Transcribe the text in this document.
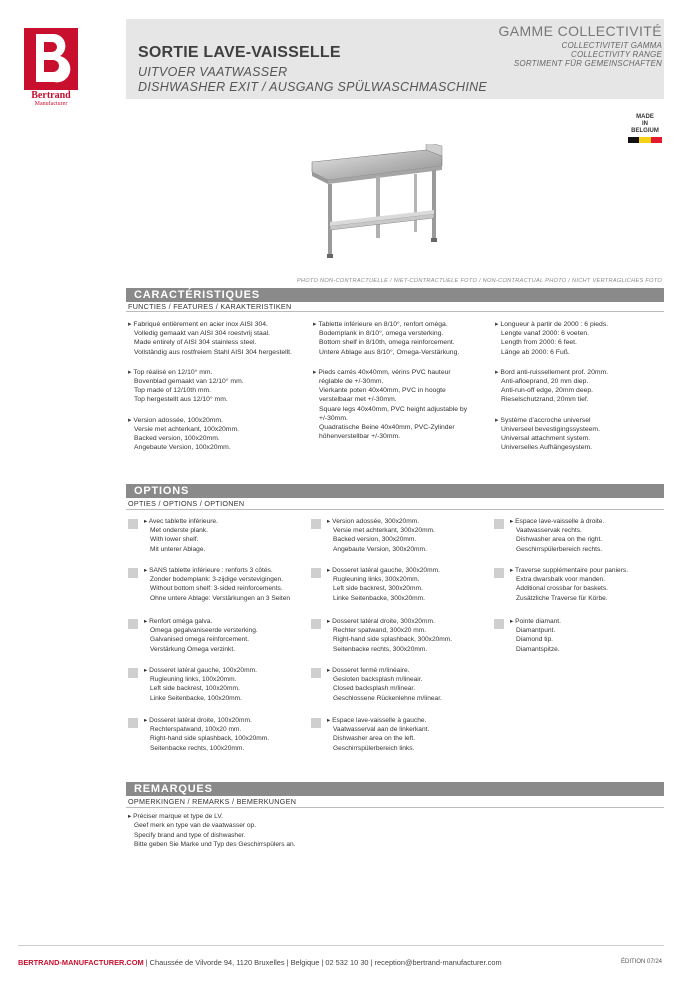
Bertrand
Manufacturer
SORTIE LAVE-VAISSELLE
UITVOER VAATWASSER
DISHWASHER EXIT / AUSGANG SPÜLWASCHMASCHINE
GAMME COLLECTIVITÉ
COLLECTIVITEIT GAMMA
COLLECTIVITY RANGE
SORTIMENT FÜR GEMEINSCHAFTEN
MADE
IN
BELGIUM
PHOTO NON-CONTRACTUELLE / NIET-CONTRACTUELE FOTO / NON-CONTRACTUAL PHOTO / NICHT VERTRAGLICHES FOTO
CARACTÉRISTIQUES
FUNCTIES / FEATURES / KARAKTERISTIKEN
▸ Fabriqué entièrement en acier inox AISI 304.
Volledig gemaakt van AISI 304 roestvrij staal.
Made entirely of AISI 304 stainless steel.
Vollständig aus rostfreiem Stahl AISI 304 hergestellt.
▸ Top réalisé en 12/10° mm.
Bovenblad gemaakt van 12/10° mm.
Top made of 12/10th mm.
Top hergestellt aus 12/10° mm.
▸ Version adossée, 100x20mm.
Versie met achterkant, 100x20mm.
Backed version, 100x20mm.
Angebaute Version, 100x20mm.
▸ Tablette inférieure en 8/10°, renfort oméga.
Bodemplank in 8/10°, omega versterking.
Bottom shelf in 8/10th, omega reinforcement.
Untere Ablage aus 8/10°, Omega-Verstärkung.
▸ Pieds carrés 40x40mm, vérins PVC hauteur
réglable de +/-30mm.
Vierkante poten 40x40mm, PVC in hoogte
verstelbaar met +/-30mm.
Square legs 40x40mm, PVC height adjustable by
+/-30mm.
Quadratische Beine 40x40mm, PVC-Zylinder
höhenverstellbar +/-30mm.
▸ Longueur à partir de 2000 : 6 pieds.
Lengte vanaf 2000: 6 voeten.
Length from 2000: 6 feet.
Länge ab 2000: 6 Fuß.
▸ Bord anti-ruissellement prof. 20mm.
Anti-afloeprand, 20 mm diep.
Anti-run-off edge, 20mm deep.
Rieselschutzrand, 20mm tief.
▸ Système d'accroche universel
Universeel bevestigingssysteem.
Universal attachment system.
Universelles Aufhängesystem.
OPTIONS
OPTIES / OPTIONS / OPTIONEN
▸ Avec tablette inférieure.
Met onderste plank.
With lower shelf.
Mit unterer Ablage.
▸ SANS tablette inférieure : renforts 3 côtés.
Zonder bodemplank: 3-zijdige verstevigingen.
Without bottom shelf: 3-sided reinforcements.
Ohne untere Ablage: Verstärkungen an 3 Seiten
▸ Renfort oméga galva.
Omega gegalvaniseerde versterking.
Galvanised omega reinforcement.
Verstärkung Omega verzinkt.
▸ Dosseret latéral gauche, 100x20mm.
Rugleuning links, 100x20mm.
Left side backrest, 100x20mm.
Linke Seitenbacke, 100x20mm.
▸ Dosseret latéral droite, 100x20mm.
Rechterspatwand, 100x20 mm.
Right-hand side splashback, 100x20mm.
Seitenbacke rechts, 100x20mm.
▸ Version adossée, 300x20mm.
Versie met achterkant, 300x20mm.
Backed version, 300x20mm.
Angebaute Version, 300x20mm.
▸ Dosseret latéral gauche, 300x20mm.
Rugleuning links, 300x20mm.
Left side backrest, 300x20mm.
Linke Seitenbacke, 300x20mm.
▸ Dosseret latéral droite, 300x20mm.
Rechter spatwand, 300x20 mm.
Right-hand side splashback, 300x20mm.
Seitenbacke rechts, 300x20mm.
▸ Dosseret fermé m/linéaire.
Gesloten backsplash m/lineair.
Closed backsplash m/linear.
Geschlossene Rückenlehne m/linear.
▸ Espace lave-vaisselle à gauche.
Vaatwasserval aan de linkerkant.
Dishwasher area on the left.
Geschirrspülerbereich links.
▸ Espace lave-vaisselle à droite.
Vaatwasservak rechts.
Dishwasher area on the right.
Geschirrspülerbereich rechts.
▸ Traverse supplémentaire pour paniers.
Extra dwarsbalk voor manden.
Additional crossbar for baskets.
Zusätzliche Traverse für Körbe.
▸ Pointe diamant.
Diamantpunt.
Diamond tip.
Diamantspitze.
REMARQUES
OPMERKINGEN / REMARKS / BEMERKUNGEN
▸ Préciser marque et type de LV.
Geef merk en type van de vaatwasser op.
Specify brand and type of dishwasher.
Bitte geben Sie Marke und Typ des Geschirrspülers an.
BERTRAND-MANUFACTURER.COM | Chaussée de Vilvorde 94, 1120 Bruxelles | Belgique | 02 532 10 30 | reception@bertrand-manufacturer.com	ÉDITION 07/24
